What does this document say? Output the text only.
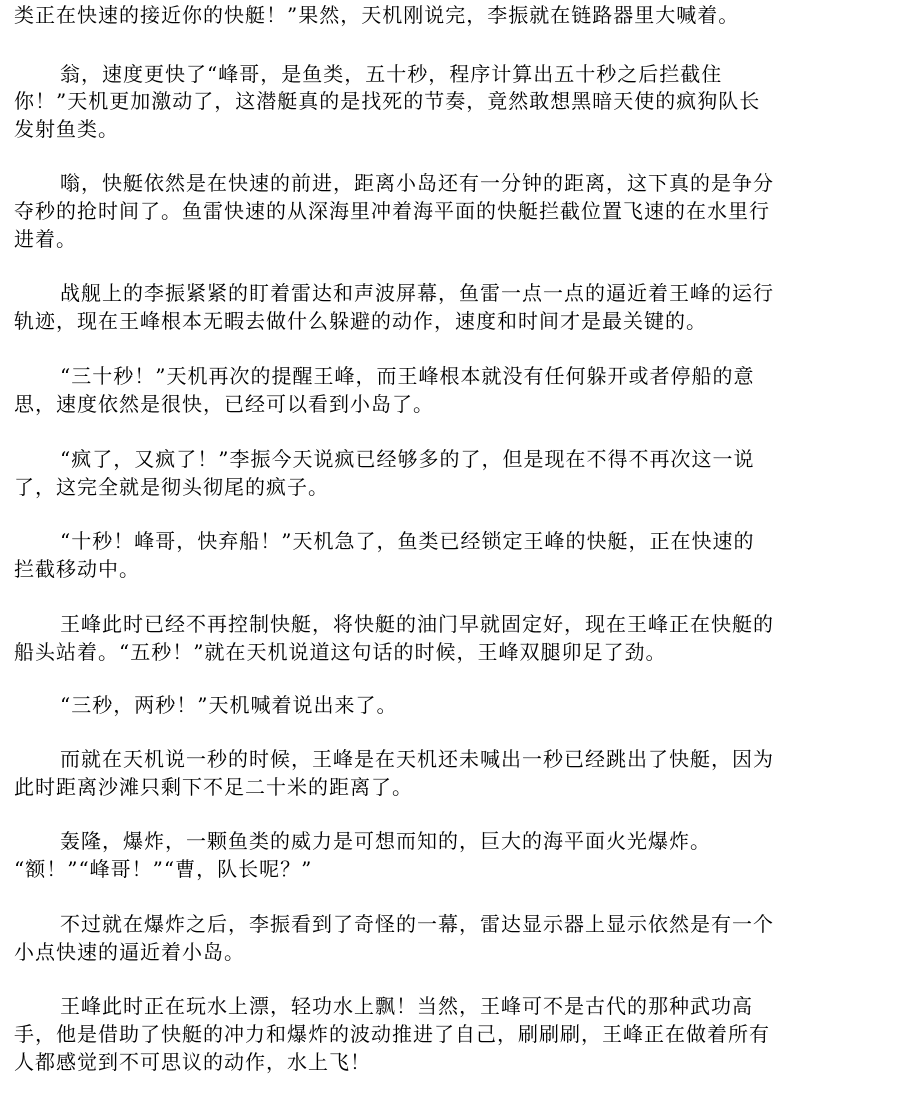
类正在快速的接近你的快艇！”果然，天机刚说完，李振就在链路器里大喊着。
翁，速度更快了“峰哥，是鱼类，五十秒，程序计算出五十秒之后拦截住
你！”天机更加激动了，这潜艇真的是找死的节奏，竟然敢想黑暗天使的疯狗队长
发射鱼类。
嗡，快艇依然是在快速的前进，距离小岛还有一分钟的距离，这下真的是争分
夺秒的抢时间了。鱼雷快速的从深海里冲着海平面的快艇拦截位置飞速的在水里行
进着。
战舰上的李振紧紧的盯着雷达和声波屏幕，鱼雷一点一点的逼近着王峰的运行
轨迹，现在王峰根本无暇去做什么躲避的动作，速度和时间才是最关键的。
“三十秒！”天机再次的提醒王峰，而王峰根本就没有任何躲开或者停船的意
思，速度依然是很快，已经可以看到小岛了。
“疯了，又疯了！”李振今天说疯已经够多的了，但是现在不得不再次这一说
了，这完全就是彻头彻尾的疯子。
“十秒！峰哥，快弃船！”天机急了，鱼类已经锁定王峰的快艇，正在快速的
拦截移动中。
王峰此时已经不再控制快艇，将快艇的油门早就固定好，现在王峰正在快艇的
船头站着。“五秒！”就在天机说道这句话的时候，王峰双腿卯足了劲。
“三秒，两秒！”天机喊着说出来了。
而就在天机说一秒的时候，王峰是在天机还未喊出一秒已经跳出了快艇，因为
此时距离沙滩只剩下不足二十米的距离了。
轰隆，爆炸，一颗鱼类的威力是可想而知的，巨大的海平面火光爆炸。
“额！”“峰哥！”“曹，队长呢？”
不过就在爆炸之后，李振看到了奇怪的一幕，雷达显示器上显示依然是有一个
小点快速的逼近着小岛。
王峰此时正在玩水上漂，轻功水上飘！当然，王峰可不是古代的那种武功高
手，他是借助了快艇的冲力和爆炸的波动推进了自己，刷刷刷，王峰正在做着所有
人都感觉到不可思议的动作，水上飞！
